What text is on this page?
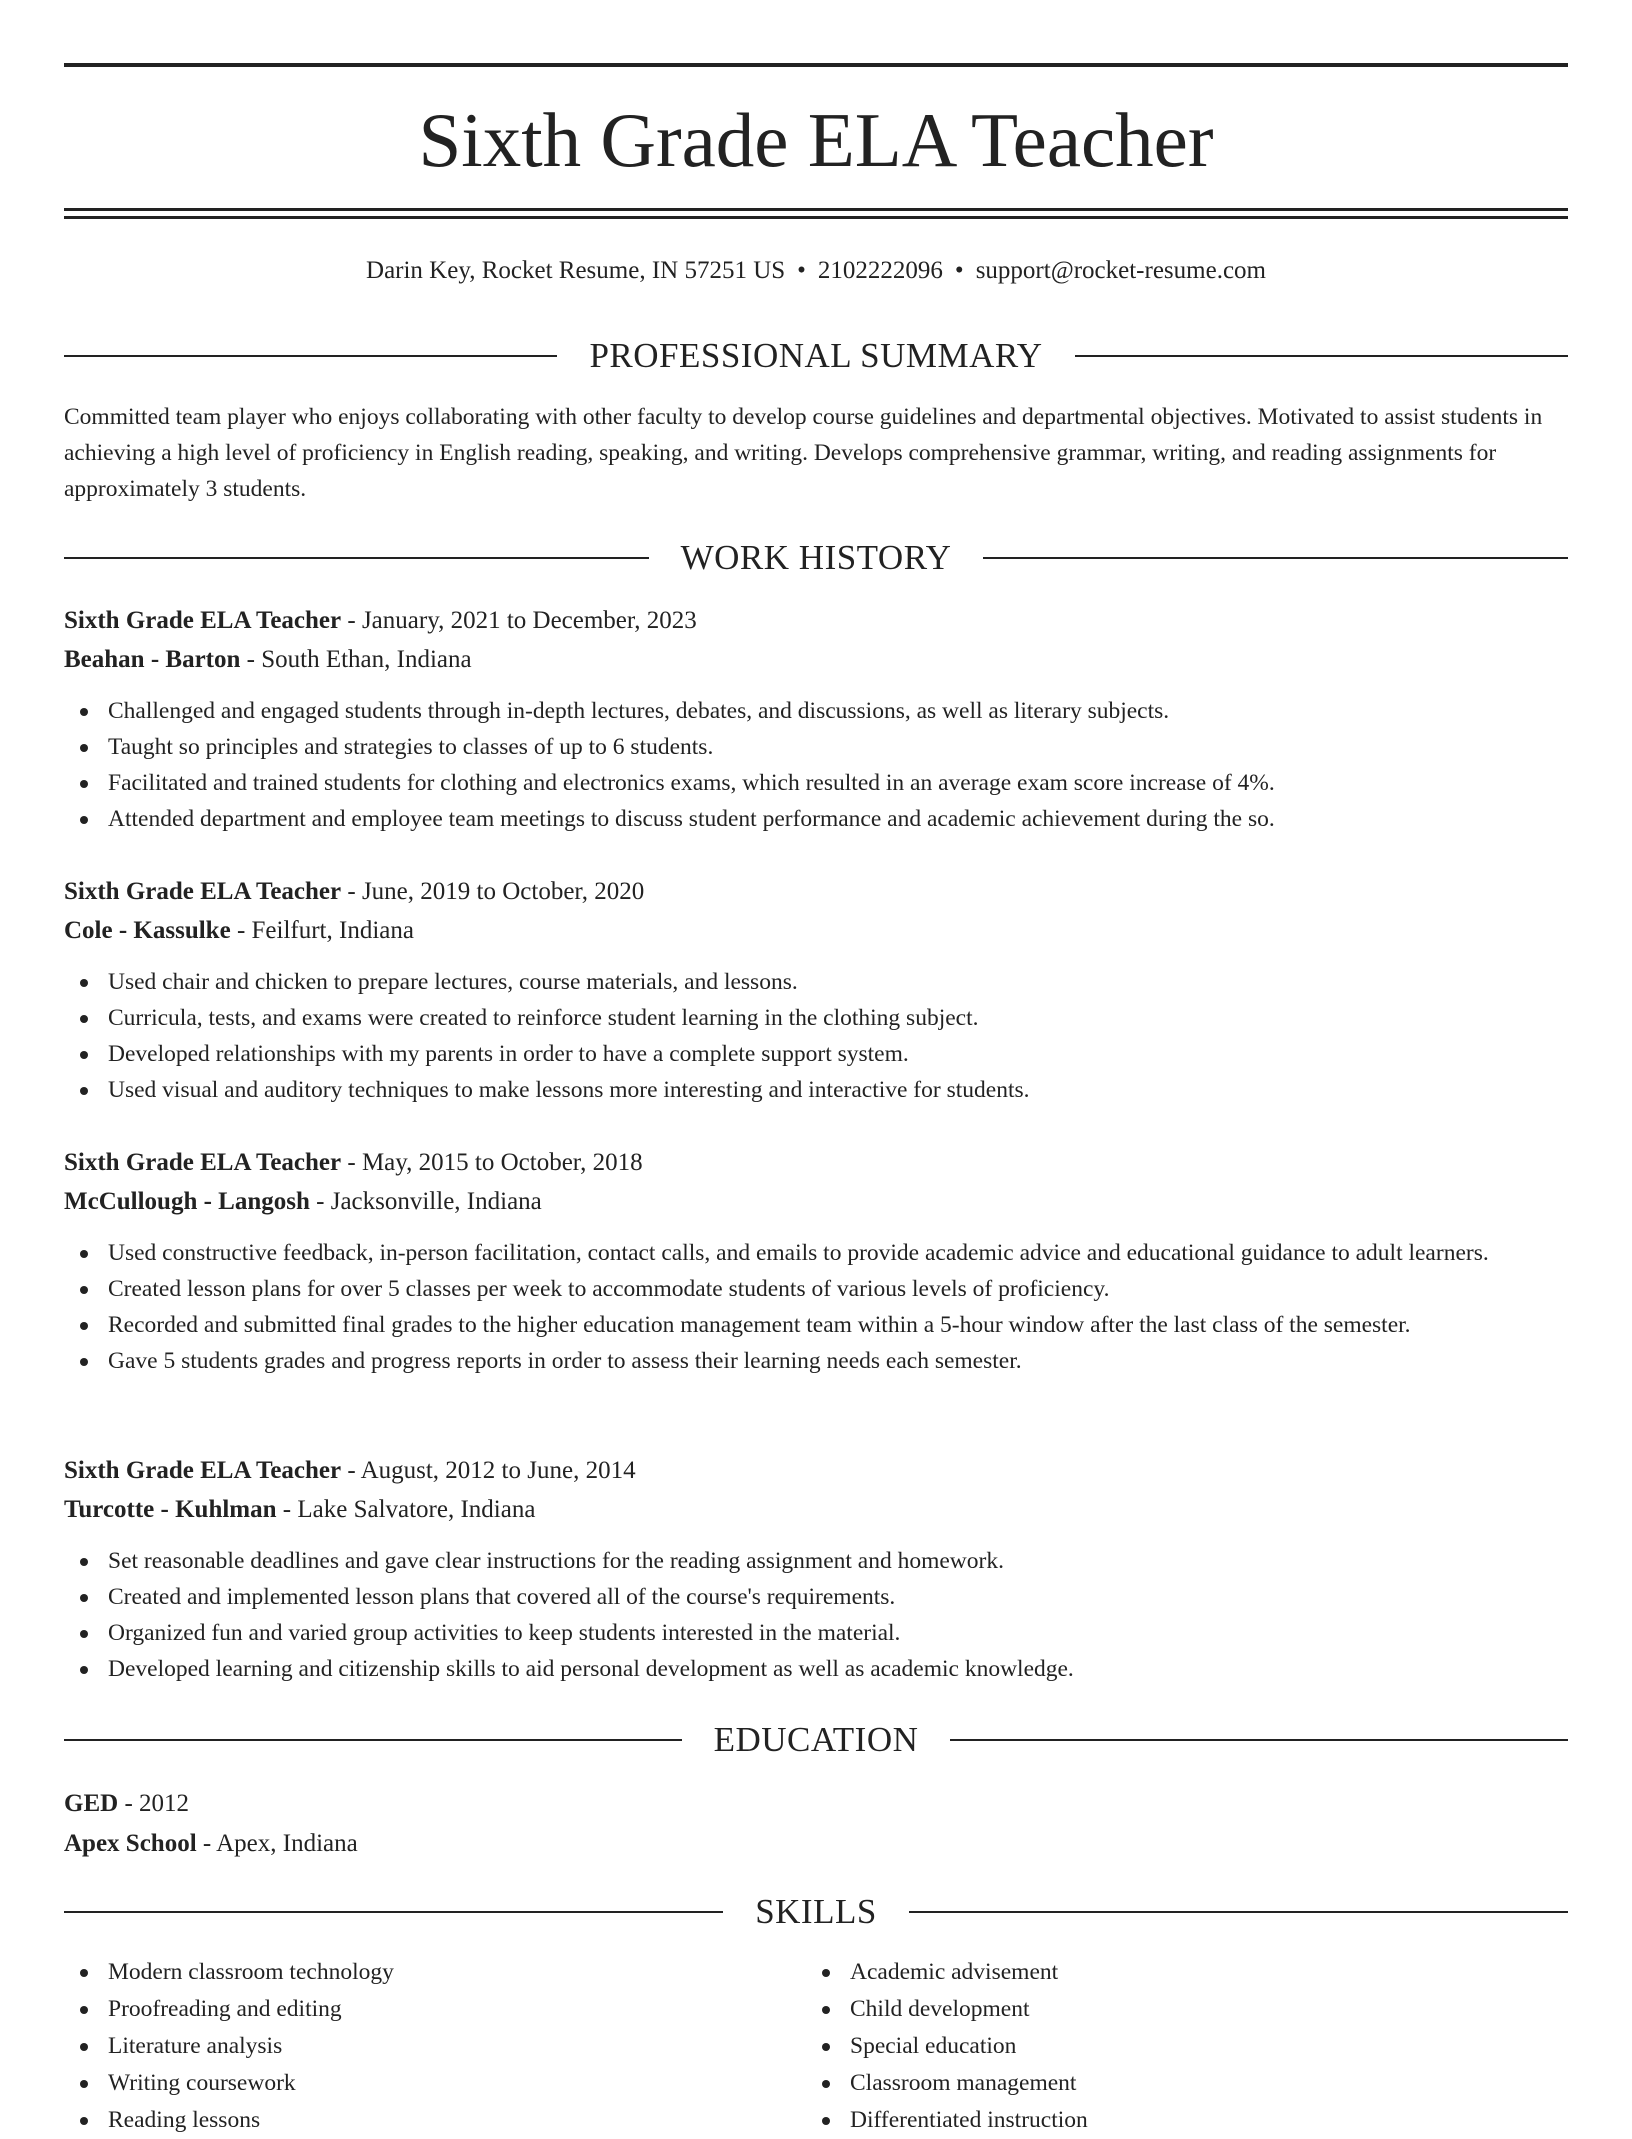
Sixth Grade ELA Teacher
Darin Key, Rocket Resume, IN 57251 US • 2102222096 • support@rocket-resume.com
PROFESSIONAL SUMMARY

Committed team player who enjoys collaborating with other faculty to develop course guidelines and departmental objectives. Motivated to assist students in achieving a high level of proficiency in English reading, speaking, and writing. Develops comprehensive grammar, writing, and reading assignments for approximately 3 students.

WORK HISTORY
Sixth Grade ELA Teacher - January, 2021 to December, 2023
Beahan - Barton - South Ethan, Indiana
Challenged and engaged students through in-depth lectures, debates, and discussions, as well as literary subjects.
Taught so principles and strategies to classes of up to 6 students.
Facilitated and trained students for clothing and electronics exams, which resulted in an average exam score increase of 4%.
Attended department and employee team meetings to discuss student performance and academic achievement during the so.
Sixth Grade ELA Teacher - June, 2019 to October, 2020
Cole - Kassulke - Feilfurt, Indiana
Used chair and chicken to prepare lectures, course materials, and lessons.
Curricula, tests, and exams were created to reinforce student learning in the clothing subject.
Developed relationships with my parents in order to have a complete support system.
Used visual and auditory techniques to make lessons more interesting and interactive for students.
Sixth Grade ELA Teacher - May, 2015 to October, 2018
McCullough - Langosh - Jacksonville, Indiana
Used constructive feedback, in-person facilitation, contact calls, and emails to provide academic advice and educational guidance to adult learners.
Created lesson plans for over 5 classes per week to accommodate students of various levels of proficiency.
Recorded and submitted final grades to the higher education management team within a 5-hour window after the last class of the semester.
Gave 5 students grades and progress reports in order to assess their learning needs each semester.
Sixth Grade ELA Teacher - August, 2012 to June, 2014
Turcotte - Kuhlman - Lake Salvatore, Indiana
Set reasonable deadlines and gave clear instructions for the reading assignment and homework.
Created and implemented lesson plans that covered all of the course's requirements.
Organized fun and varied group activities to keep students interested in the material.
Developed learning and citizenship skills to aid personal development as well as academic knowledge.
EDUCATION
GED - 2012
Apex School - Apex, Indiana
SKILLS
Modern classroom technology
Proofreading and editing
Literature analysis
Writing coursework
Reading lessons
Academic advisement
Child development
Special education
Classroom management
Differentiated instruction
